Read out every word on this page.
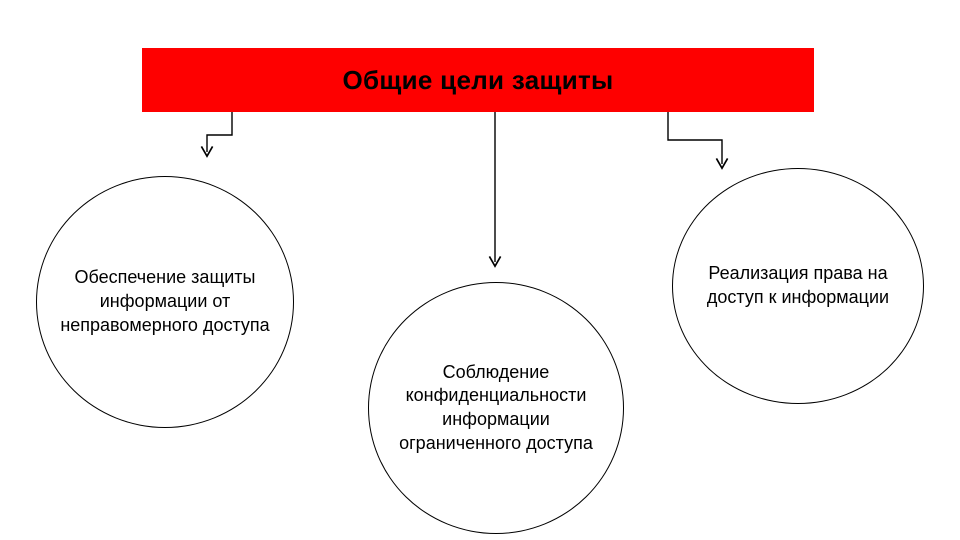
Общие цели защиты
Обеспечение защиты информации от неправомерного доступа
Соблюдение конфиденциальности информации ограниченного доступа
Реализация права на доступ к информации
